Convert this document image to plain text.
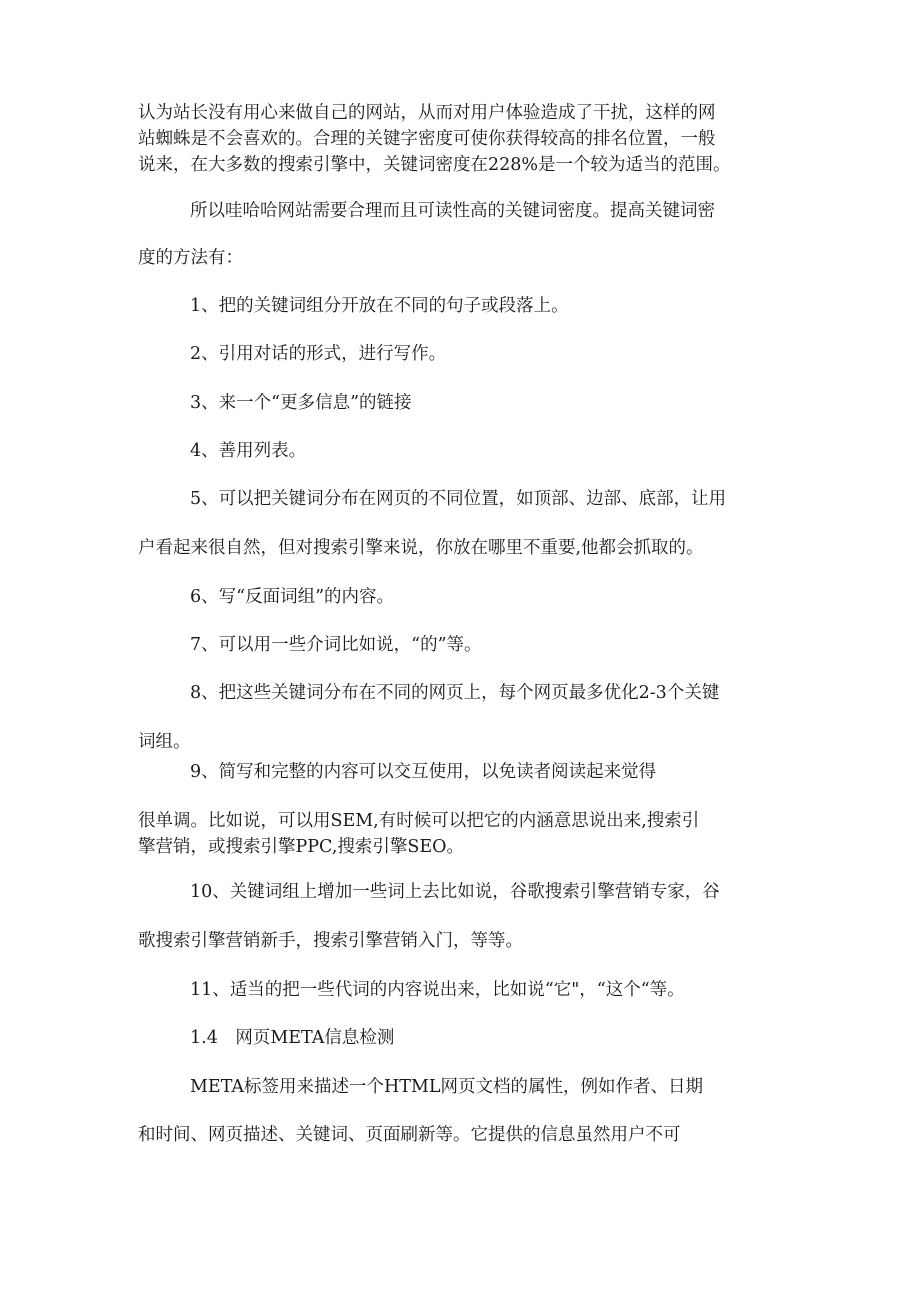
认为站长没有用心来做自己的网站，从而对用户体验造成了干扰，这样的网

站蜘蛛是不会喜欢的。合理的关键字密度可使你获得较高的排名位置，一般

说来，在大多数的搜索引擎中，关键词密度在228%是一个较为适当的范围。

所以哇哈哈网站需要合理而且可读性高的关键词密度。提高关键词密

度的方法有：

1、把的关键词组分开放在不同的句子或段落上。

2、引用对话的形式，进行写作。

3、来一个“更多信息”的链接

4、善用列表。

5、可以把关键词分布在网页的不同位置，如顶部、边部、底部，让用

户看起来很自然，但对搜索引擎来说，你放在哪里不重要,他都会抓取的。

6、写“反面词组”的内容。

7、可以用一些介词比如说，“的”等。

8、把这些关键词分布在不同的网页上，每个网页最多优化2-3个关键

词组。

9、简写和完整的内容可以交互使用，以免读者阅读起来觉得

很单调。比如说，可以用SEM,有时候可以把它的内涵意思说出来,搜索引

擎营销，或搜索引擎PPC,搜索引擎SEO。

10、关键词组上增加一些词上去比如说，谷歌搜索引擎营销专家，谷

歌搜索引擎营销新手，搜索引擎营销入门，等等。

11、适当的把一些代词的内容说出来，比如说“它"，“这个“等。

1.4　网页META信息检测

META标签用来描述一个HTML网页文档的属性，例如作者、日期

和时间、网页描述、关键词、页面刷新等。它提供的信息虽然用户不可
